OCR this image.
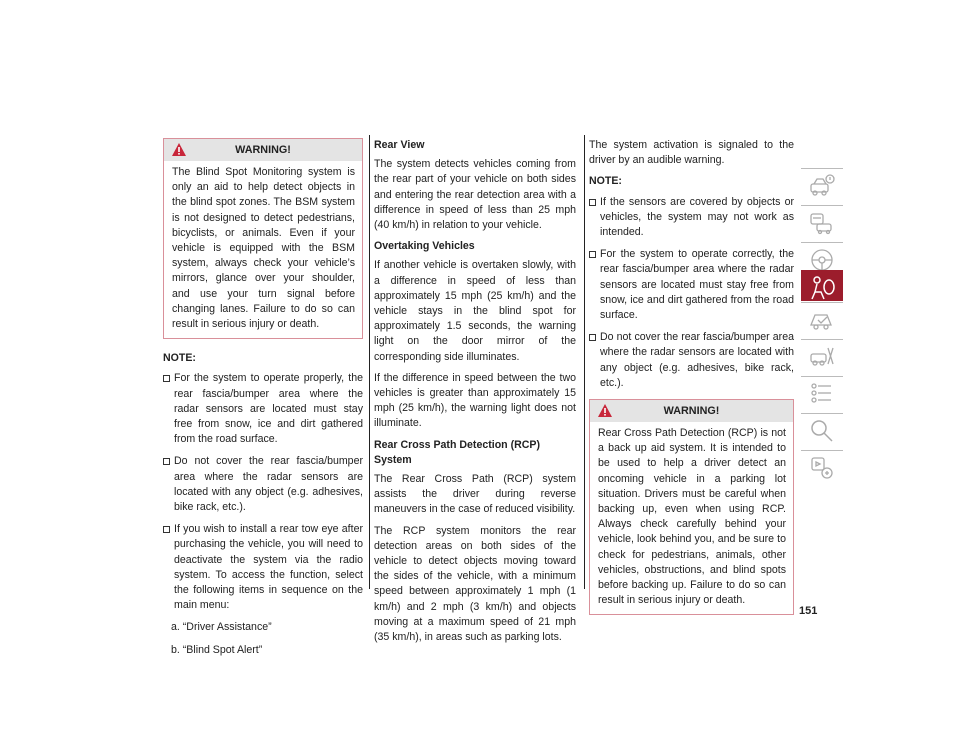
WARNING!
The Blind Spot Monitoring system is only an aid to help detect objects in the blind spot zones. The BSM system is not designed to detect pedestrians, bicyclists, or animals. Even if your vehicle is equipped with the BSM system, always check your vehicle’s mirrors, glance over your shoulder, and use your turn signal before changing lanes. Failure to do so can result in serious injury or death.
NOTE:
For the system to operate properly, the rear fascia/bumper area where the radar sensors are located must stay free from snow, ice and dirt gathered from the road surface.
Do not cover the rear fascia/bumper area where the radar sensors are located with any object (e.g. adhesives, bike rack, etc.).
If you wish to install a rear tow eye after purchasing the vehicle, you will need to deactivate the system via the radio system. To access the function, select the following items in sequence on the main menu:
a. “Driver Assistance”
b. “Blind Spot Alert”
Rear View

The system detects vehicles coming from the rear part of your vehicle on both sides and entering the rear detection area with a difference in speed of less than 25 mph (40 km/h) in relation to your vehicle.

Overtaking Vehicles

If another vehicle is overtaken slowly, with a difference in speed of less than approximately 15 mph (25 km/h) and the vehicle stays in the blind spot for approximately 1.5 seconds, the warning light on the door mirror of the corresponding side illuminates.

If the difference in speed between the two vehicles is greater than approximately 15 mph (25 km/h), the warning light does not illuminate.

Rear Cross Path Detection (RCP) System

The Rear Cross Path (RCP) system assists the driver during reverse maneuvers in the case of reduced visibility.

The RCP system monitors the rear detection areas on both sides of the vehicle to detect objects moving toward the sides of the vehicle, with a minimum speed between approximately 1 mph (1 km/h) and 2 mph (3 km/h) and objects moving at a maximum speed of 21 mph (35 km/h), in areas such as parking lots.

The system activation is signaled to the driver by an audible warning.

NOTE:
If the sensors are covered by objects or vehicles, the system may not work as intended.
For the system to operate correctly, the rear fascia/bumper area where the radar sensors are located must stay free from snow, ice and dirt gathered from the road surface.
Do not cover the rear fascia/bumper area where the radar sensors are located with any object (e.g. adhesives, bike rack, etc.).
WARNING!
Rear Cross Path Detection (RCP) is not a back up aid system. It is intended to be used to help a driver detect an oncoming vehicle in a parking lot situation. Drivers must be careful when backing up, even when using RCP. Always check carefully behind your vehicle, look behind you, and be sure to check for pedestrians, animals, other vehicles, obstructions, and blind spots before backing up. Failure to do so can result in serious injury or death.
151
